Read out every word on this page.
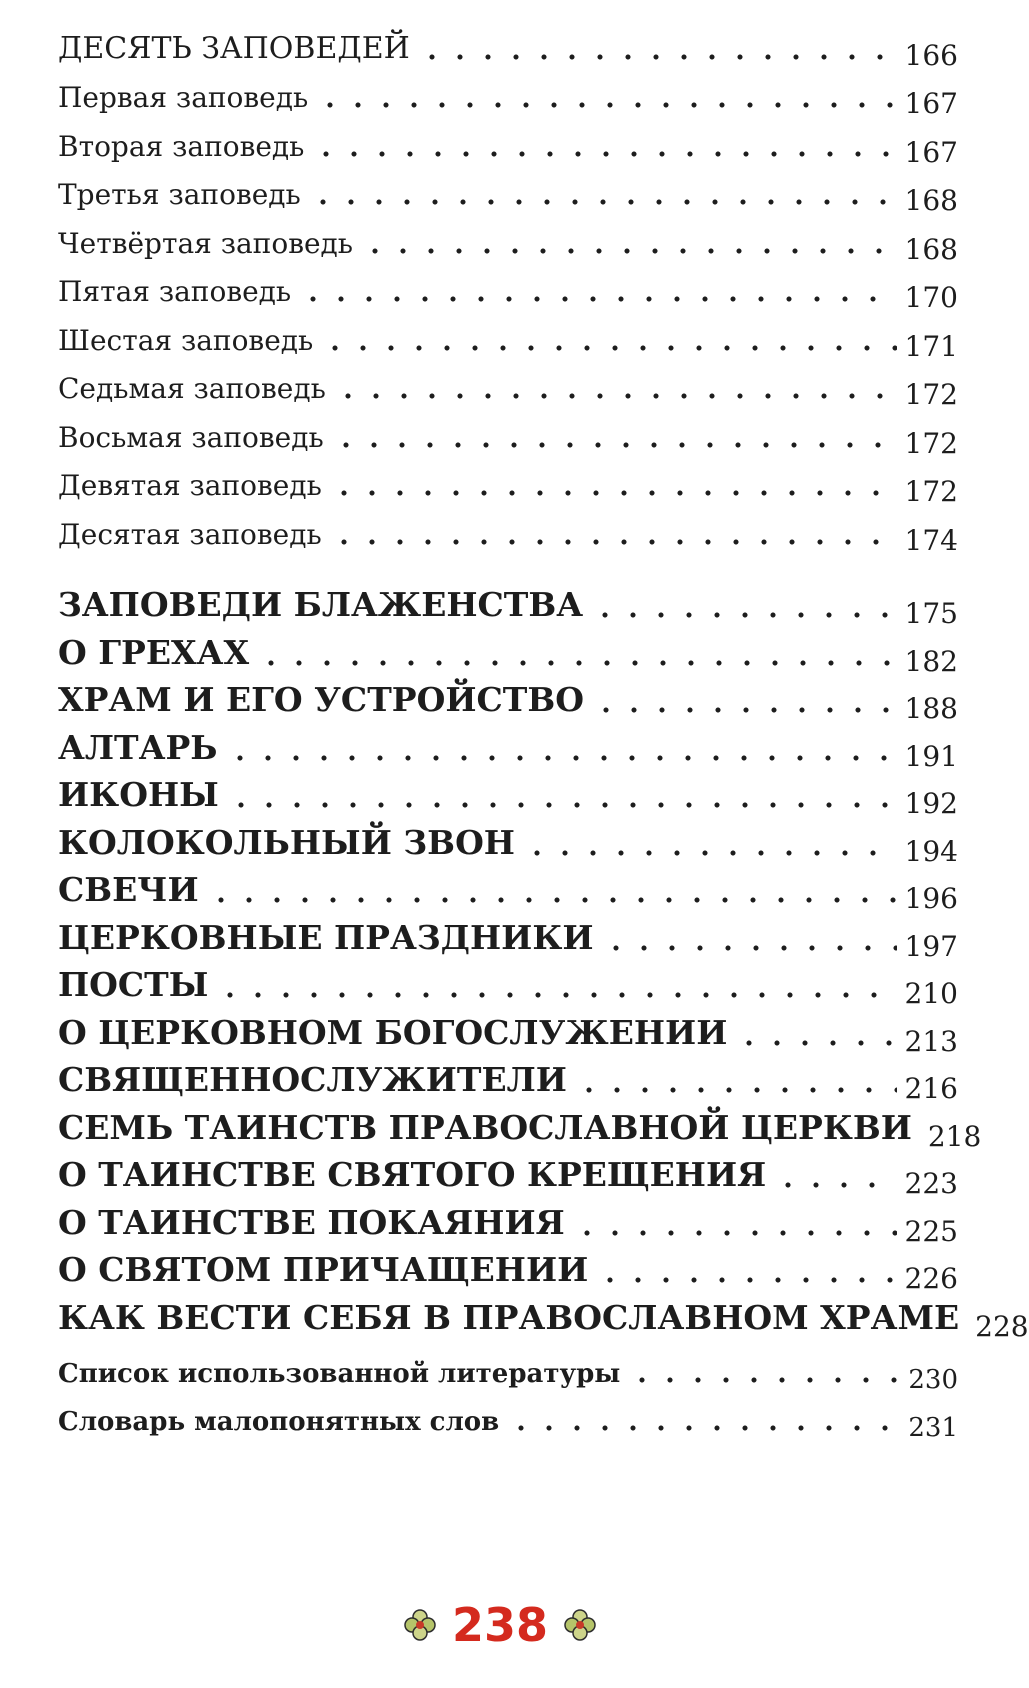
ДЕСЯТЬ ЗАПОВЕДЕЙ	166
Первая заповедь	167
Вторая заповедь	167
Третья заповедь	168
Четвёртая заповедь	168
Пятая заповедь	170
Шестая заповедь	171
Седьмая заповедь	172
Восьмая заповедь	172
Девятая заповедь	172
Десятая заповедь	174
ЗАПОВЕДИ БЛАЖЕНСТВА	175
О ГРЕХАХ	182
ХРАМ И ЕГО УСТРОЙСТВО	188
АЛТАРЬ	191
ИКОНЫ	192
КОЛОКОЛЬНЫЙ ЗВОН	194
СВЕЧИ	196
ЦЕРКОВНЫЕ ПРАЗДНИКИ	197
ПОСТЫ	210
О ЦЕРКОВНОМ БОГОСЛУЖЕНИИ	213
СВЯЩЕННОСЛУЖИТЕЛИ	216
СЕМЬ ТАИНСТВ ПРАВОСЛАВНОЙ ЦЕРКВИ 218
О ТАИНСТВЕ СВЯТОГО КРЕЩЕНИЯ	223
О ТАИНСТВЕ ПОКАЯНИЯ	225
О СВЯТОМ ПРИЧАЩЕНИИ	226
КАК ВЕСТИ СЕБЯ В ПРАВОСЛАВНОМ ХРАМЕ 228
Список использованной литературы	230
Словарь малопонятных слов	231
238
